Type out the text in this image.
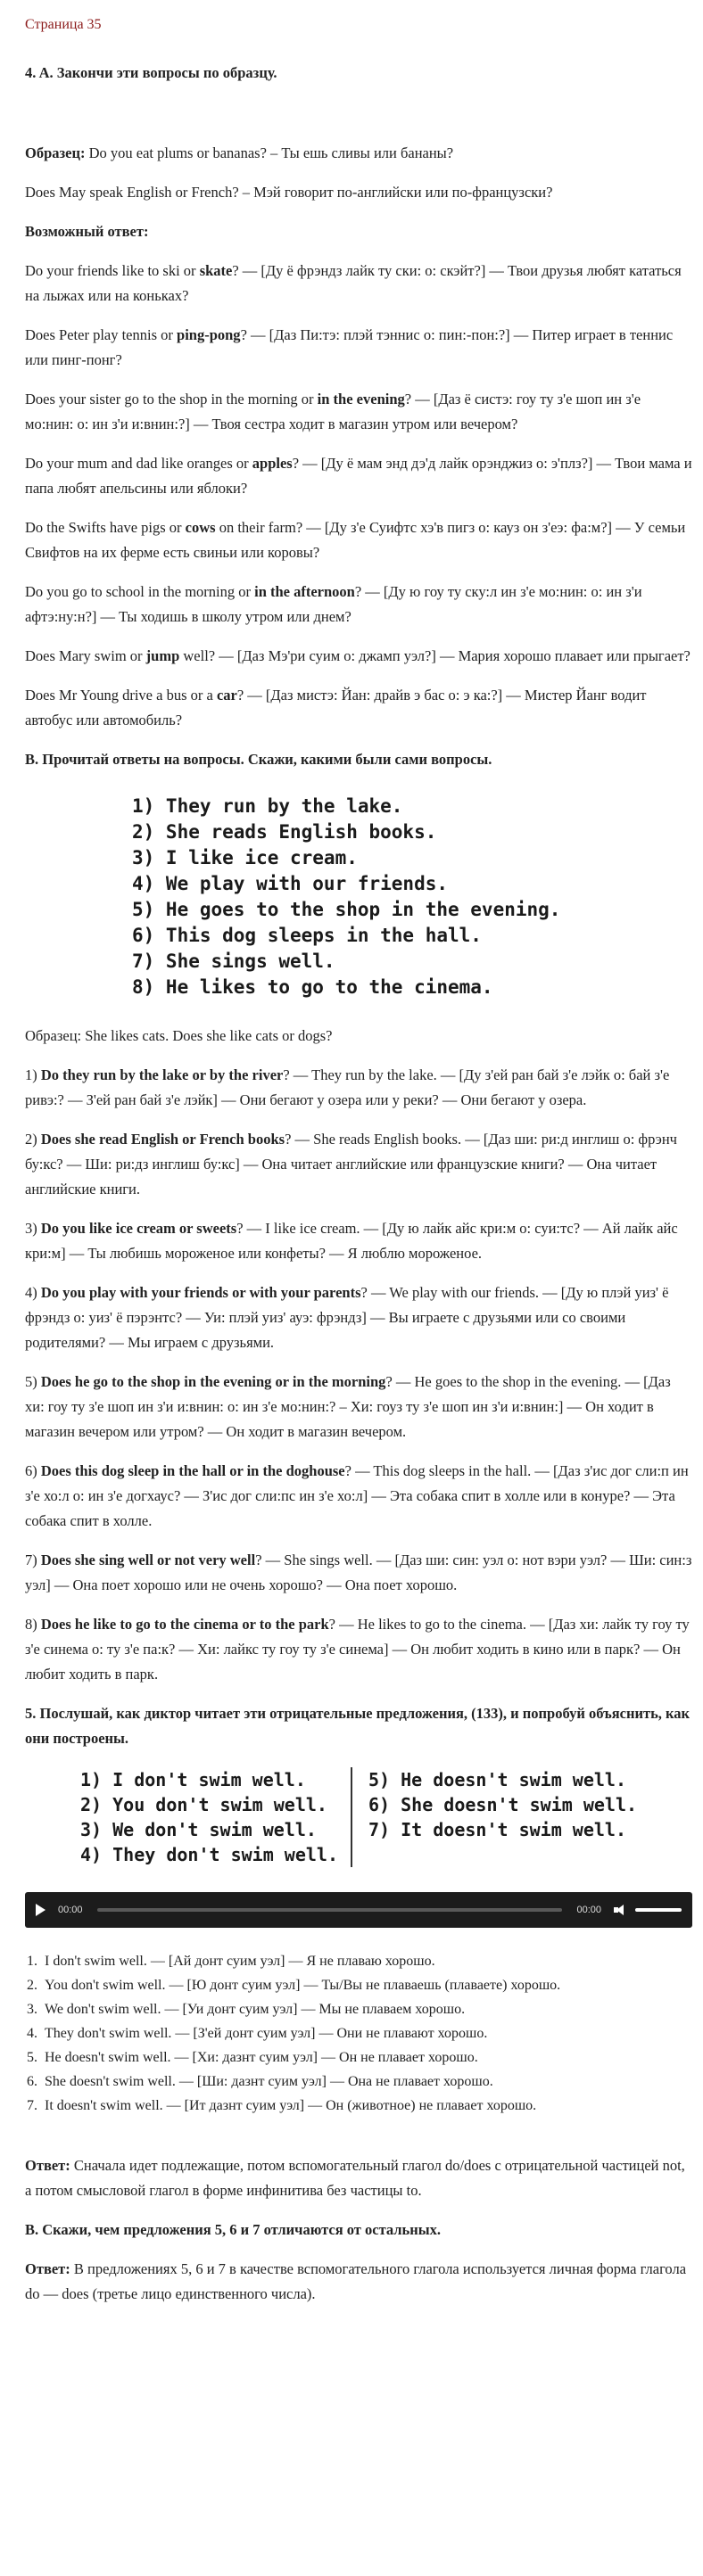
Страница 35
4. A. Закончи эти вопросы по образцу.

Образец: Do you eat plums or bananas? – Ты ешь сливы или бананы?

Does May speak English or French? – Мэй говорит по-английски или по-французски?

Возможный ответ:

Do your friends like to ski or skate? — [Ду ё фрэндз лайк ту ски: о: скэйт?] — Твои друзья любят кататься на лыжах или на коньках?

Does Peter play tennis or ping-pong? — [Даз Пи:тэ: плэй тэннис о: пин:-пон:?] — Питер играет в теннис или пинг-понг?

Does your sister go to the shop in the morning or in the evening? — [Даз ё систэ: гоу ту з'е шоп ин з'е мо:нин: о: ин з'и и:внин:?] — Твоя сестра ходит в магазин утром или вечером?

Do your mum and dad like oranges or apples? — [Ду ё мам энд дэ'д лайк орэнджиз о: э'плз?] — Твои мама и папа любят апельсины или яблоки?

Do the Swifts have pigs or cows on their farm? — [Ду з'е Суифтс хэ'в пигз о: кауз он з'еэ: фа:м?] — У семьи Свифтов на их ферме есть свиньи или коровы?

Do you go to school in the morning or in the afternoon? — [Ду ю гоу ту ску:л ин з'е мо:нин: о: ин з'и афтэ:ну:н?] — Ты ходишь в школу утром или днем?

Does Mary swim or jump well? — [Даз Мэ'ри суим о: джамп уэл?] — Мария хорошо плавает или прыгает?

Does Mr Young drive a bus or a car? — [Даз мистэ: Йан: драйв э бас о: э ка:?] — Мистер Йанг водит автобус или автомобиль?

B. Прочитай ответы на вопросы. Скажи, какими были сами вопросы.
1) They run by the lake.
2) She reads English books.
3) I like ice cream.
4) We play with our friends.
5) He goes to the shop in the evening.
6) This dog sleeps in the hall.
7) She sings well.
8) He likes to go to the cinema.

Образец: She likes cats. Does she like cats or dogs?

1) Do they run by the lake or by the river? — They run by the lake. — [Ду з'ей ран бай з'е лэйк о: бай з'е ривэ:? — З'ей ран бай з'е лэйк] — Они бегают у озера или у реки? — Они бегают у озера.

2) Does she read English or French books? — She reads English books. — [Даз ши: ри:д инглиш о: фрэнч бу:кс? — Ши: ри:дз инглиш бу:кс] — Она читает английские или французские книги? — Она читает английские книги.

3) Do you like ice cream or sweets? — I like ice cream. — [Ду ю лайк айс кри:м о: суи:тс? — Ай лайк айс кри:м] — Ты любишь мороженое или конфеты? — Я люблю мороженое.

4) Do you play with your friends or with your parents? — We play with our friends. — [Ду ю плэй уиз' ё фрэндз о: уиз' ё пэрэнтс? — Уи: плэй уиз' ауэ: фрэндз] — Вы играете с друзьями или со своими родителями? — Мы играем с друзьями.

5) Does he go to the shop in the evening or in the morning? — He goes to the shop in the evening. — [Даз хи: гоу ту з'е шоп ин з'и и:внин: о: ин з'е мо:нин:? – Хи: гоуз ту з'е шоп ин з'и и:внин:] — Он ходит в магазин вечером или утром? — Он ходит в магазин вечером.

6) Does this dog sleep in the hall or in the doghouse? — This dog sleeps in the hall. — [Даз з'ис дог сли:п ин з'е хо:л о: ин з'е догхаус? — З'ис дог сли:пс ин з'е хо:л] — Эта собака спит в холле или в конуре? — Эта собака спит в холле.

7) Does she sing well or not very well? — She sings well. — [Даз ши: син: уэл о: нот вэри уэл? — Ши: син:з уэл] — Она поет хорошо или не очень хорошо? — Она поет хорошо.

8) Does he like to go to the cinema or to the park? — He likes to go to the cinema. — [Даз хи: лайк ту гоу ту з'е синема о: ту з'е па:к? — Хи: лайкс ту гоу ту з'е синема] — Он любит ходить в кино или в парк? — Он любит ходить в парк.

5. Послушай, как диктор читает эти отрицательные предложения, (133), и попробуй объяснить, как они построены.
1) I don't swim well.
2) You don't swim well.
3) We don't swim well.
4) They don't swim well.
5) He doesn't swim well.
6) She doesn't swim well.
7) It doesn't swim well.
00:00	00:00
1. I don't swim well. — [Ай донт суим уэл] — Я не плаваю хорошо.
2. You don't swim well. — [Ю донт суим уэл] — Ты/Вы не плаваешь (плаваете) хорошо.
3. We don't swim well. — [Уи донт суим уэл] — Мы не плаваем хорошо.
4. They don't swim well. — [З'ей донт суим уэл] — Они не плавают хорошо.
5. He doesn't swim well. — [Хи: дазнт суим уэл] — Он не плавает хорошо.
6. She doesn't swim well. — [Ши: дазнт суим уэл] — Она не плавает хорошо.
7. It doesn't swim well. — [Ит дазнт суим уэл] — Он (животное) не плавает хорошо.

Ответ: Сначала идет подлежащие, потом вспомогательный глагол do/does с отрицательной частицей not, а потом смысловой глагол в форме инфинитива без частицы to.

B. Скажи, чем предложения 5, 6 и 7 отличаются от остальных.

Ответ: В предложениях 5, 6 и 7 в качестве вспомогательного глагола используется личная форма глагола do — does (третье лицо единственного числа).
